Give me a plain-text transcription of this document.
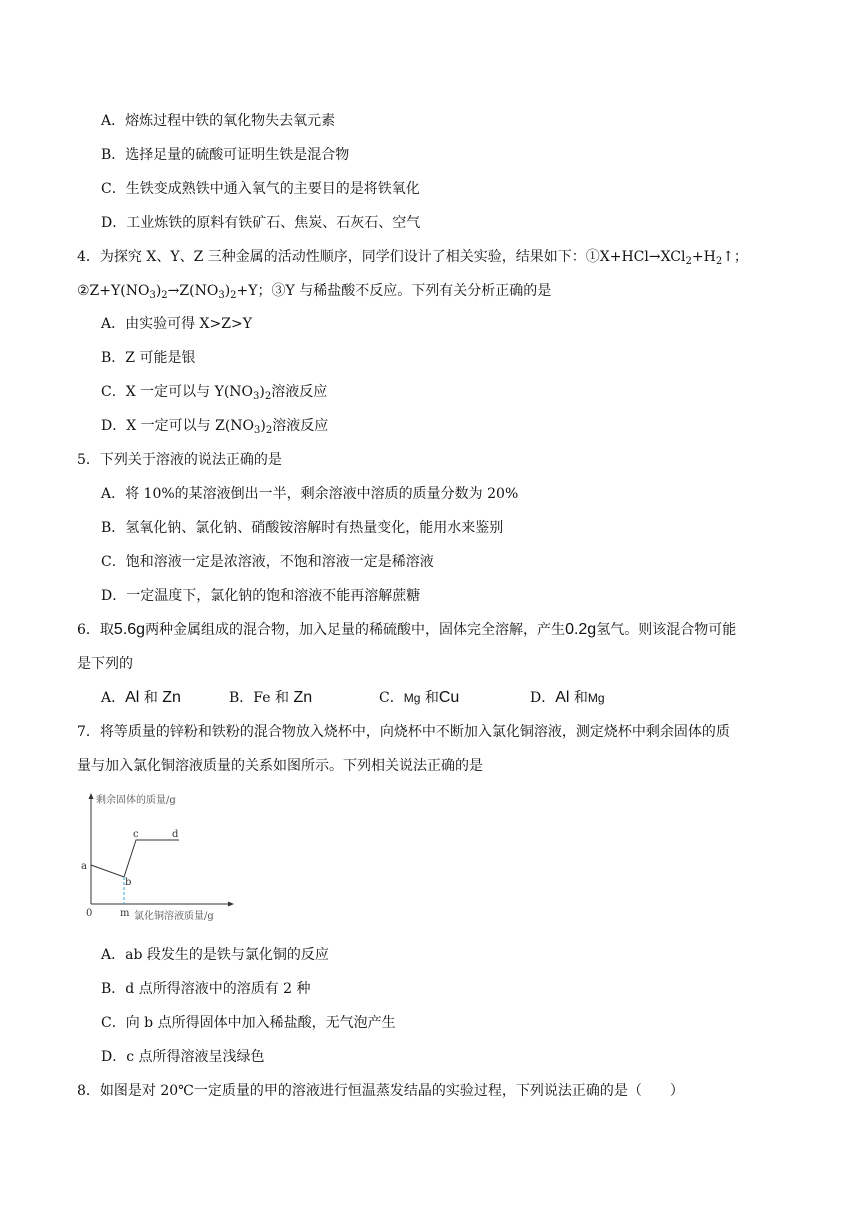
A．熔炼过程中铁的氧化物失去氧元素
B．选择足量的硫酸可证明生铁是混合物
C．生铁变成熟铁中通入氧气的主要目的是将铁氧化
D．工业炼铁的原料有铁矿石、焦炭、石灰石、空气
4．为探究 X、Y、Z 三种金属的活动性顺序，同学们设计了相关实验，结果如下：$①X+HCl\to XCl_2+H_2↑$；
$②Z+Y(NO_3)_2\to Z(NO_3)_2+Y$；③Y 与稀盐酸不反应。下列有关分析正确的是
A．由实验可得 X>Z>Y
B．Z 可能是银
C．X 一定可以与 $Y(NO_3)_2$溶液反应
D．X 一定可以与 $Z(NO_3)_2$溶液反应
5．下列关于溶液的说法正确的是
A．将 10%的某溶液倒出一半，剩余溶液中溶质的质量分数为 20%
B．氢氧化钠、氯化钠、硝酸铵溶解时有热量变化，能用水来鉴别
C．饱和溶液一定是浓溶液，不饱和溶液一定是稀溶液
D．一定温度下，氯化钠的饱和溶液不能再溶解蔗糖
6．取5.6g两种金属组成的混合物，加入足量的稀硫酸中，固体完全溶解，产生0.2g氢气。则该混合物可能
是下列的
A．Al 和 Zn	B．Fe 和 Zn	C．Mg 和Cu	D．Al 和Mg
7．将等质量的锌粉和铁粉的混合物放入烧杯中，向烧杯中不断加入氯化铜溶液，测定烧杯中剩余固体的质
量与加入氯化铜溶液质量的关系如图所示。下列相关说法正确的是
剩余固体的质量/g
氯化铜溶液质量/g
0	m
a
b
c	d
A．ab 段发生的是铁与氯化铜的反应
B．d 点所得溶液中的溶质有 2 种
C．向 b 点所得固体中加入稀盐酸，无气泡产生
D．c 点所得溶液呈浅绿色
8．如图是对 20℃一定质量的甲的溶液进行恒温蒸发结晶的实验过程，下列说法正确的是（　　）
